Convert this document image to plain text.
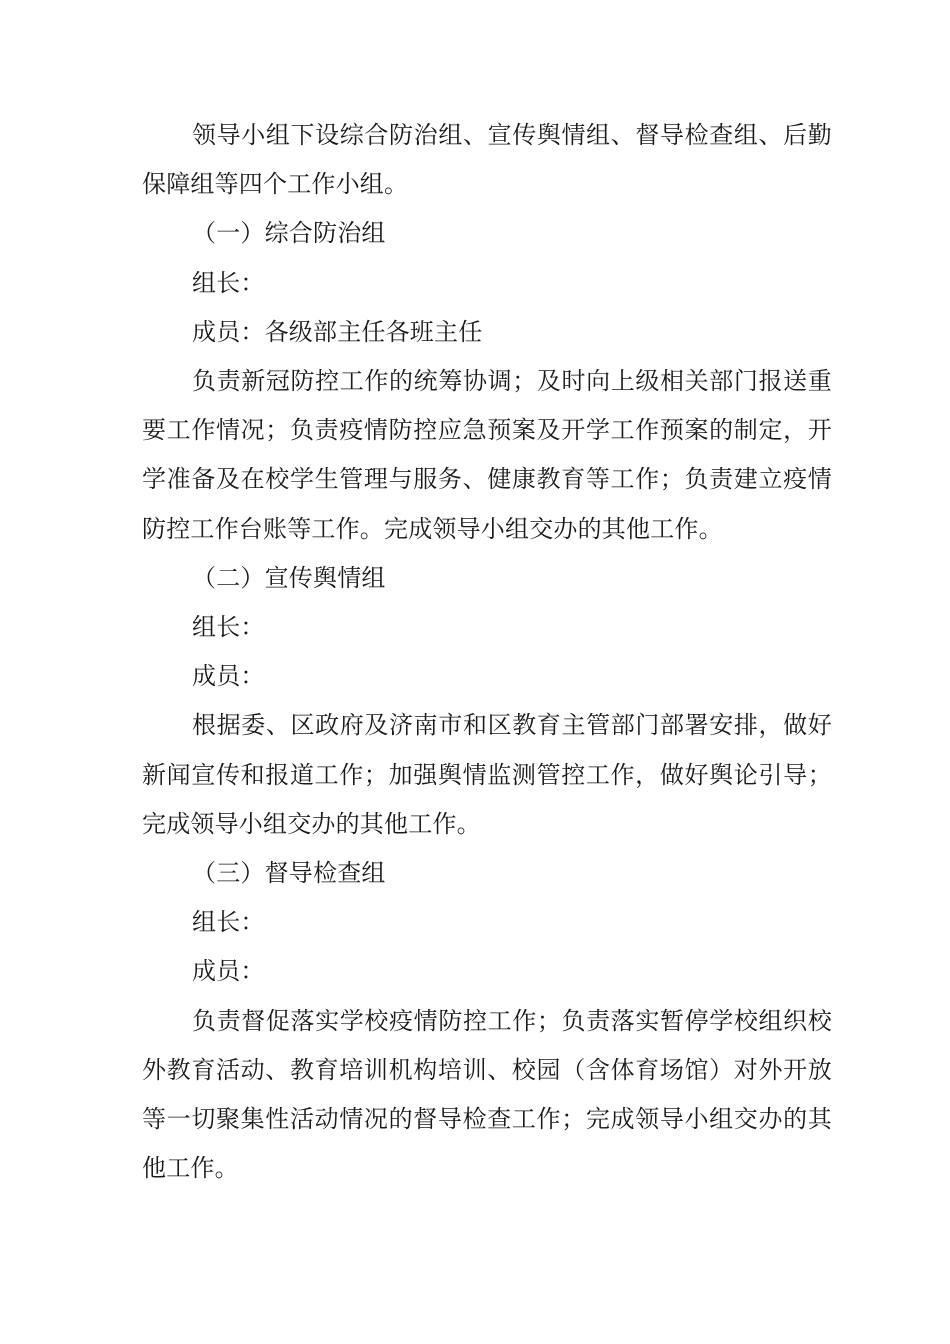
领导小组下设综合防治组、宣传舆情组、督导检查组、后勤保障组等四个工作小组。

（一）综合防治组

组长：

成员：各级部主任各班主任

负责新冠防控工作的统筹协调；及时向上级相关部门报送重要工作情况；负责疫情防控应急预案及开学工作预案的制定，开学准备及在校学生管理与服务、健康教育等工作；负责建立疫情防控工作台账等工作。完成领导小组交办的其他工作。

（二）宣传舆情组

组长：

成员：

根据委、区政府及济南市和区教育主管部门部署安排，做好新闻宣传和报道工作；加强舆情监测管控工作，做好舆论引导；完成领导小组交办的其他工作。

（三）督导检查组

组长：

成员：

负责督促落实学校疫情防控工作；负责落实暂停学校组织校外教育活动、教育培训机构培训、校园（含体育场馆）对外开放等一切聚集性活动情况的督导检查工作；完成领导小组交办的其他工作。
